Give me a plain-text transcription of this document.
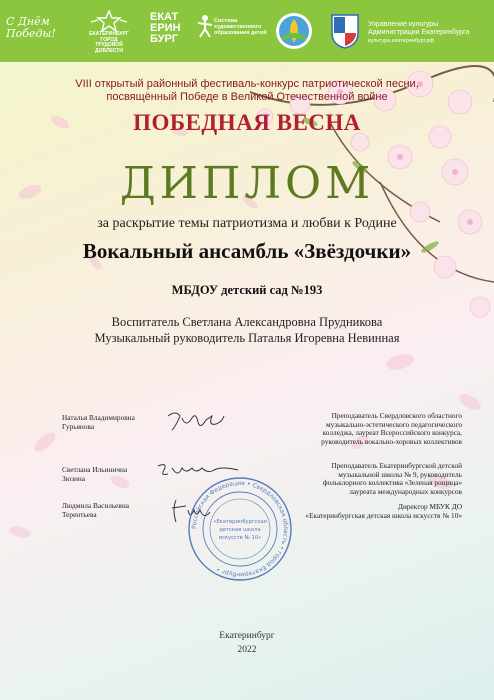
С Днём Победы!	ЕКАТЕРИНБУРГ ГОРОД ТРУДОВОЙ ДОБЛЕСТИ
ЕКАТ
ЕРИН
БУРГ
Система художественного образования детей
Управление культуры
Администрации Екатеринбурга
культура.екатеринбург.рф
VIII открытый районный фестиваль-конкурс патриотической песни,
посвящённый Победе в Великой Отечественной войне
ПОБЕДНАЯ ВЕСНА
ДИПЛОМ
за раскрытие темы патриотизма и любви к Родине
Вокальный ансамбль «Звёздочки»
МБДОУ детский сад №193
Воспитатель Светлана Александровна Прудникова
Музыкальный руководитель Паталья Игоревна Невинная
Наталья Владимировна
Гурьянова
Преподаватель Свердловского областного
музыкально-эстетического педагогического
колледжа, лауреат Всероссийского конкурса,
руководитель вокально-хоровых коллективов
Светлана Ильинична
Зюзина
Преподаватель Екатеринбургской детской
музыкальной школы № 9, руководитель
фольклорного коллектива «Зеленая рощица»
лауреата международных конкурсов
Людмила Васильевна
Терентьева
Директор МБУК ДО
«Екатеринбургская детская школа искусств № 10»
Российская Федерация • Свердловская область • город Екатеринбург •
«Екатеринбургская
детская школа
искусств № 10»
Екатеринбург
2022
